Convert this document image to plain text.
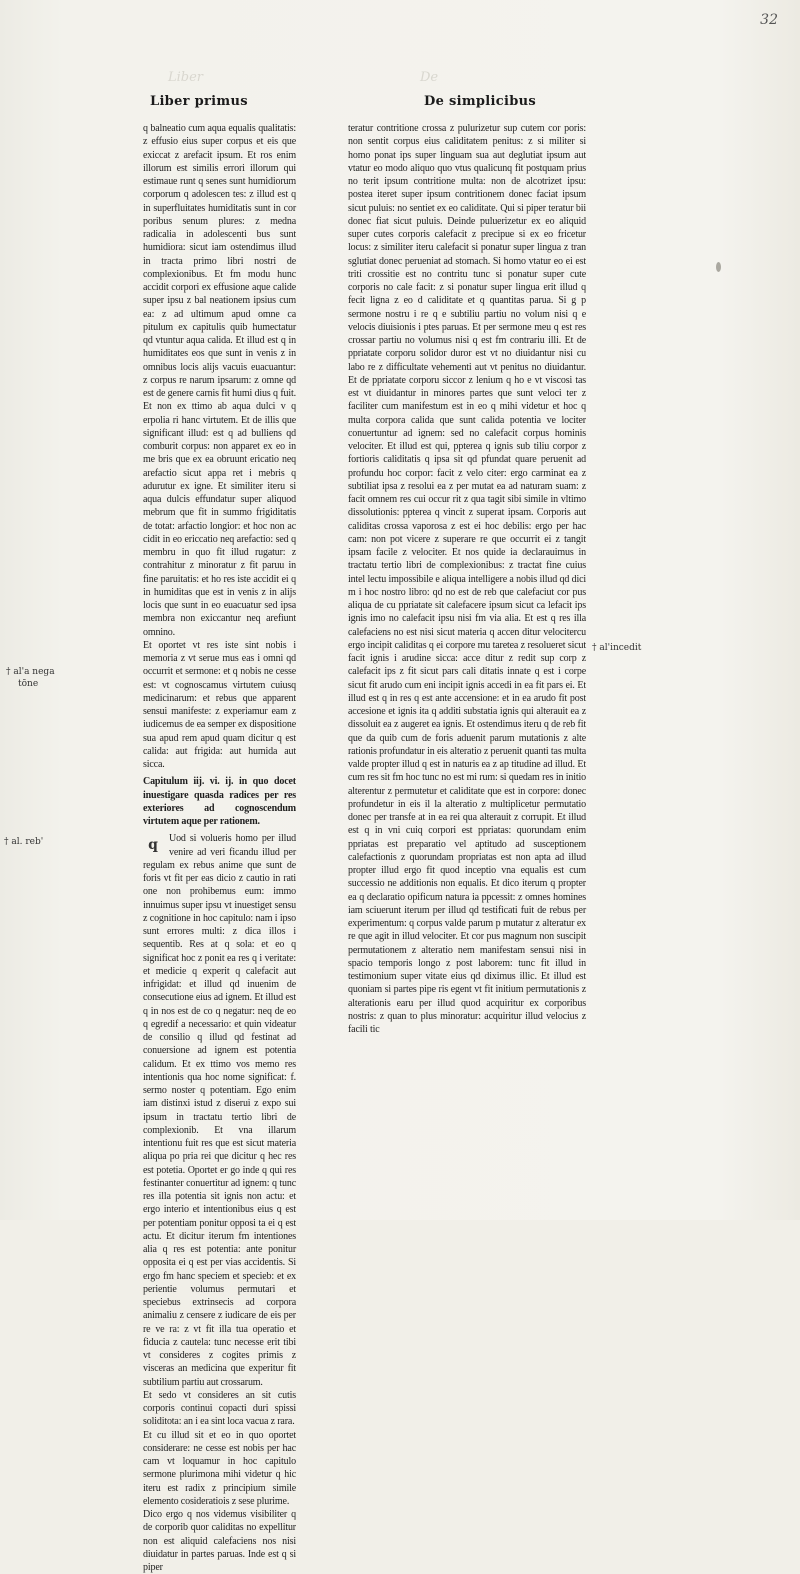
32
Liber	De
Liber primus	De simplicibus

q balneatio cum aqua equalis qualitatis: z effusio eius super corpus et eis que exiccat z arefacit ipsum. Et ros enim illorum est similis errori illorum qui estimaue runt q senes sunt humidiorum corporum q adolescen tes: z illud est q in superfluitates humiditatis sunt in cor poribus senum plures: z medna radicalia in adolescenti bus sunt humidiora: sicut iam ostendimus illud in tracta primo libri nostri de complexionibus. Et fm modu hunc accidit corpori ex effusione aque calide super ipsu z bal neationem ipsius cum ea: z ad ultimum apud omne ca pitulum ex capitulis quib humectatur qd vtuntur aqua calida. Et illud est q in humiditates eos que sunt in venis z in omnibus locis alijs vacuis euacuantur: z corpus re narum ipsarum: z omne qd est de genere carnis fit humi dius q fuit. Et non ex ttimo ab aqua dulci v q erpolia ri hanc virtutem. Et de illis que significant illud: est q ad bulliens qd comburit corpus: non apparet ex eo in me bris que ex ea obruunt ericatio neq arefactio sicut appa ret i mebris q adurutur ex igne. Et similiter iteru si aqua dulcis effundatur super aliquod mebrum que fit in summo frigiditatis de totat: arfactio longior: et hoc non ac cidit in eo ericcatio neq arefactio: sed q membru in quo fit illud rugatur: z contrahitur z minoratur z fit paruu in fine paruitatis: et ho res iste accidit ei q in humiditas que est in venis z in alijs locis que sunt in eo euacuatur sed ipsa membra non exiccantur neq arefiunt omnino.

Et oportet vt res iste sint nobis i memoria z vt serue mus eas i omni qd occurrit et sermone: et q nobis ne cesse est: vt cognoscamus virtutem cuiusq medicinarum: et rebus que apparent sensui manifeste: z experiamur eam z iudicemus de ea semper ex dispositione sua apud rem apud quam dicitur q est calida: aut frigida: aut humida aut sicca.

Capitulum iij. vi. ij. in quo docet inuestigare quasda radices per res exteriores ad cognoscendum virtutem aque per rationem.

q	Uod si volueris homo per illud venire ad veri ficandu illud per regulam ex rebus anime que sunt de foris vt fit per eas dicio z cautio in rati one non prohibemus eum: immo innuimus super ipsu vt inuestiget sensu z cognitione in hoc capitulo: nam i ipso sunt errores multi: z dica illos i sequentib. Res at q sola: et eo q significat hoc z ponit ea res q i veritate: et medicie q experit q calefacit aut infrigidat: et illud qd inuenim de consecutione eius ad ignem. Et illud est q in nos est de co q negatur: neq de eo q egredif a necessario: et quin videatur de consilio q illud qd festinat ad conuersione ad ignem est potentia calidum. Et ex ttimo vos memo res intentionis qua hoc nome significat: f. sermo noster q potentiam. Ego enim iam distinxi istud z diserui z expo sui ipsum in tractatu tertio libri de complexionib. Et vna illarum intentionu fuit res que est sicut materia aliqua po pria rei que dicitur q hec res est potetia. Oportet er go inde q qui res festinanter conuertitur ad ignem: q tunc res illa potentia sit ignis non actu: et ergo interio et intentionibus eius q est per potentiam ponitur opposi ta ei q est actu. Et dicitur iterum fm intentiones alia q res est potentia: ante ponitur opposita ei q est per vias accidentis. Si ergo fm hanc speciem et specieb: et ex perientie volumus permutari et speciebus extrinsecis ad corpora animaliu z censere z iudicare de eis per re ve ra: z vt fit illa tua operatio et fiducia z cautela: tunc necesse erit tibi vt consideres z cogites primis z visceras an medicina que experitur fit subtilium partiu aut crossarum.

Et sedo vt consideres an sit cutis corporis continui copacti duri spissi soliditota: an i ea sint loca vacua z rara.

Et cu illud sit et eo in quo oportet considerare: ne cesse est nobis per hac cam vt loquamur in hoc capitulo sermone plurimona mihi videtur q hic iteru est radix z principium simile elemento cosideratiois z sese plurime.

Dico ergo q nos videmus visibiliter q de corporib quor caliditas no expellitur non est aliquid calefaciens nos nisi diuidatur in partes paruas. Inde est q si piper

teratur contritione crossa z pulurizetur sup cutem cor poris: non sentit corpus eius caliditatem penitus: z si militer si homo ponat ips super linguam sua aut deglutiat ipsum aut vtatur eo modo aliquo quo vtus qualicunq fit postquam prius no terit ipsum contritione multa: non de alcotrizet ipsu: postea iteret super ipsum contritionem donec faciat ipsum sicut puluis: no sentiet ex eo caliditate. Qui si piper teratur bii donec fiat sicut puluis. Deinde puluerizetur ex eo aliquid super cutes corporis calefacit z precipue si ex eo fricetur locus: z similiter iteru calefacit si ponatur super lingua z tran sglutiat donec perueniat ad stomach. Si homo vtatur eo ei est triti crossitie est no contritu tunc si ponatur super cute corporis no cale facit: z si ponatur super lingua erit illud q fecit ligna z eo d caliditate et q quantitas parua. Si g p sermone nostru i re q e subtiliu partiu no volum nisi q e velocis diuisionis i ptes paruas. Et per sermone meu q est res crossar partiu no volumus nisi q est fm contrariu illi. Et de ppriatate corporu solidor duror est vt no diuidantur nisi cu labo re z difficultate vehementi aut vt penitus no diuidantur. Et de ppriatate corporu siccor z lenium q ho e vt viscosi tas est vt diuidantur in minores partes que sunt veloci ter z faciliter cum manifestum est in eo q mihi videtur et hoc q multa corpora calida que sunt calida potentia ve lociter conuertuntur ad ignem: sed no calefacit corpus hominis velociter. Et illud est qui, ppterea q ignis sub tiliu corpor z fortioris caliditatis q ipsa sit qd pfundat quare peruenit ad profundu hoc corpor: facit z velo citer: ergo carminat ea z subtiliat ipsa z resolui ea z per mutat ea ad naturam suam: z facit omnem res cui occur rit z qua tagit sibi simile in vltimo dissolutionis: ppterea q vincit z superat ipsam. Corporis aut caliditas crossa vaporosa z est ei hoc debilis: ergo per hac cam: non pot vicere z superare re que occurrit ei z tangit ipsam facile z velociter. Et nos quide ia declarauimus in tractatu tertio libri de complexionibus: z tractat fine cuius intel lectu impossibile e aliqua intelligere a nobis illud qd dici m i hoc nostro libro: qd no est de reb que calefaciut cor pus aliqua de cu ppriatate sit calefacere ipsum sicut ca lefacit ips ignis imo no calefacit ipsu nisi fm via alia. Et est q res illa calefaciens no est nisi sicut materia q accen ditur velocitercu ergo incipit caliditas q ei corpore mu taretea z resolueret sicut facit ignis i arudine sicca: acce ditur z redit sup corp z calefacit ips z fit sicut pars cali ditatis innate q est i corpe sicut fit arudo cum eni incipit ignis accedi in ea fit pars ei. Et illud est q in res q est ante accensione: et in ea arudo fit post accesione et ignis ita q additi substatia ignis qui alterauit ea z dissoluit ea z augeret ea ignis. Et ostendimus iteru q de reb fit que da quib cum de foris aduenit parum mutationis z alte rationis profundatur in eis alteratio z peruenit quanti tas multa valde propter illud q est in naturis ea z ap titudine ad illud. Et cum res sit fm hoc tunc no est mi rum: si quedam res in initio alterentur z permutetur et caliditate que est in corpore: donec profundetur in eis il la alteratio z multiplicetur permutatio donec per transfe at in ea rei qua alterauit z corrupit. Et illud est q in vni cuiq corpori est ppriatas: quorundam enim ppriatas est preparatio vel aptitudo ad susceptionem calefactionis z quorundam propriatas est non apta ad illud propter illud ergo fit quod inceptio vna equalis est cum successio ne additionis non equalis. Et dico iterum q propter ea q declaratio opificum natura ia ppcessit: z omnes homines iam sciuerunt iterum per illud qd testificati fuit de rebus per experimentum: q corpus valde parum p mutatur z alteratur ex re que agit in illud velociter. Et cor pus magnum non suscipit permutationem z alteratio nem manifestam sensui nisi in spacio temporis longo z post laborem: tunc fit illud in testimonium super vitate eius qd diximus illic. Et illud est quoniam si partes pipe ris egent vt fit initium permutationis z alterationis earu per illud quod acquiritur ex corporibus nostris: z quan to plus minoratur: acquiritur illud velocius z facili tic

† al'a nega
tōne
† al. reb'
† al'incedit
